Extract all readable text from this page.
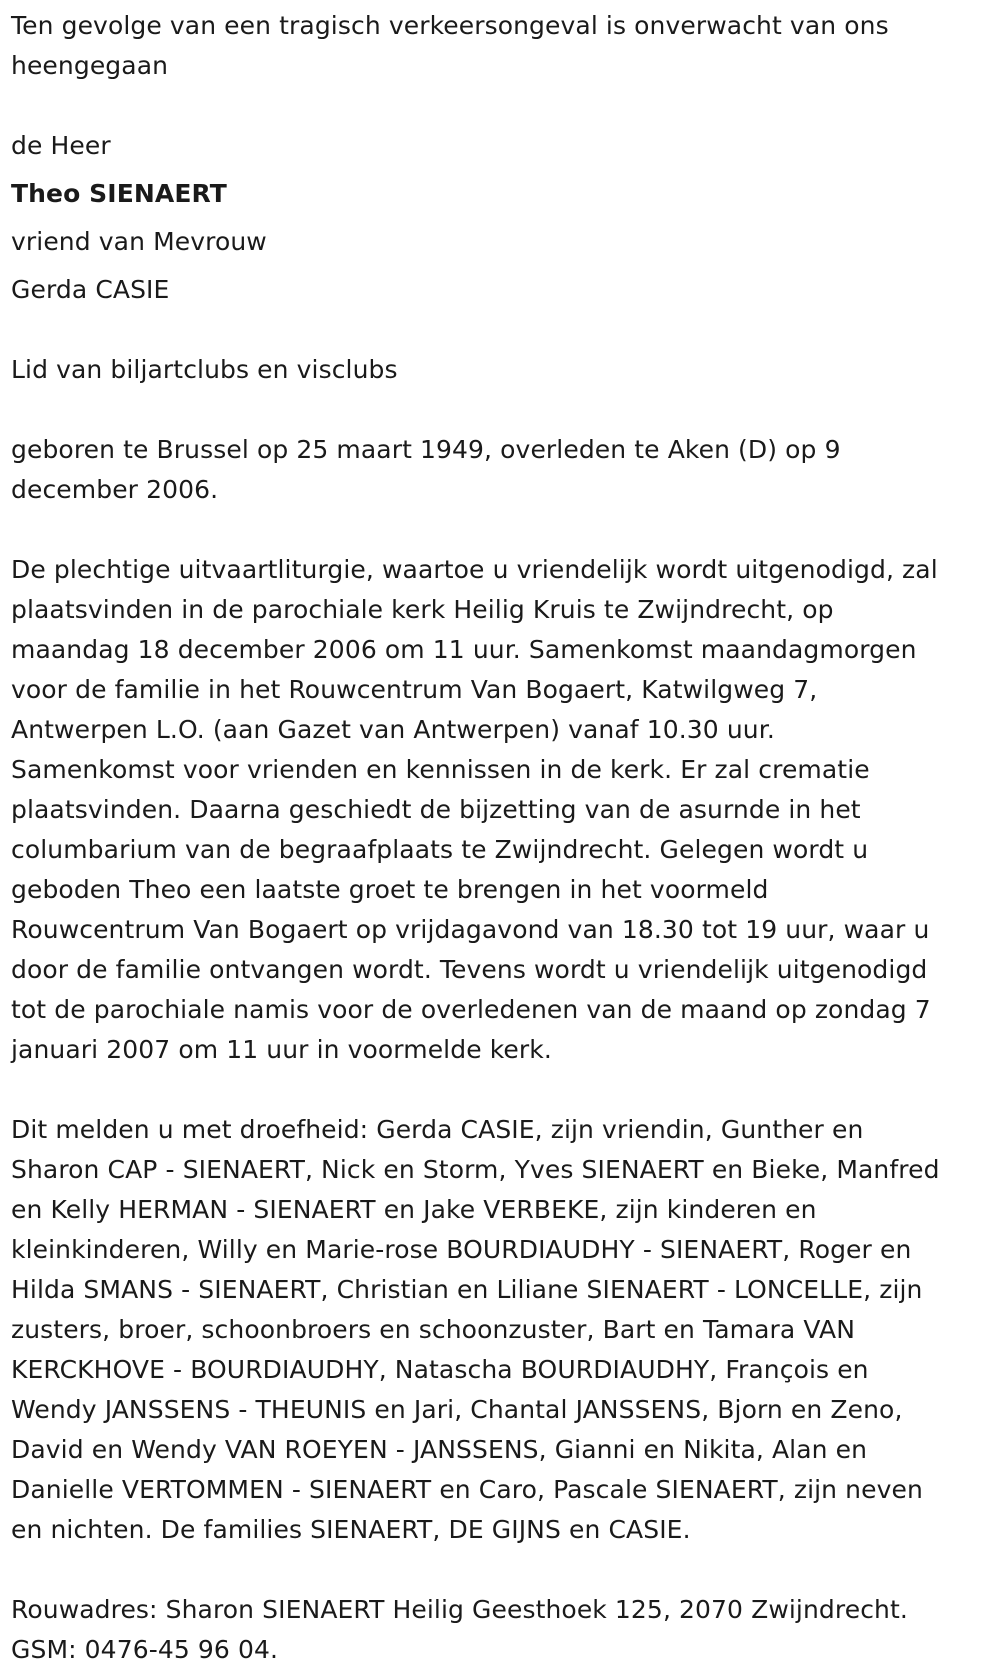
Ten gevolge van een tragisch verkeersongeval is onverwacht van ons
heengegaan
de Heer
Theo SIENAERT
vriend van Mevrouw
Gerda CASIE
Lid van biljartclubs en visclubs
geboren te Brussel op 25 maart 1949, overleden te Aken (D) op 9
december 2006.
De plechtige uitvaartliturgie, waartoe u vriendelijk wordt uitgenodigd, zal
plaatsvinden in de parochiale kerk Heilig Kruis te Zwijndrecht, op
maandag 18 december 2006 om 11 uur. Samenkomst maandagmorgen
voor de familie in het Rouwcentrum Van Bogaert, Katwilgweg 7,
Antwerpen L.O. (aan Gazet van Antwerpen) vanaf 10.30 uur.
Samenkomst voor vrienden en kennissen in de kerk. Er zal crematie
plaatsvinden. Daarna geschiedt de bijzetting van de asurnde in het
columbarium van de begraafplaats te Zwijndrecht. Gelegen wordt u
geboden Theo een laatste groet te brengen in het voormeld
Rouwcentrum Van Bogaert op vrijdagavond van 18.30 tot 19 uur, waar u
door de familie ontvangen wordt. Tevens wordt u vriendelijk uitgenodigd
tot de parochiale namis voor de overledenen van de maand op zondag 7
januari 2007 om 11 uur in voormelde kerk.
Dit melden u met droefheid: Gerda CASIE, zijn vriendin, Gunther en
Sharon CAP - SIENAERT, Nick en Storm, Yves SIENAERT en Bieke, Manfred
en Kelly HERMAN - SIENAERT en Jake VERBEKE, zijn kinderen en
kleinkinderen, Willy en Marie-rose BOURDIAUDHY - SIENAERT, Roger en
Hilda SMANS - SIENAERT, Christian en Liliane SIENAERT - LONCELLE, zijn
zusters, broer, schoonbroers en schoonzuster, Bart en Tamara VAN
KERCKHOVE - BOURDIAUDHY, Natascha BOURDIAUDHY, François en
Wendy JANSSENS - THEUNIS en Jari, Chantal JANSSENS, Bjorn en Zeno,
David en Wendy VAN ROEYEN - JANSSENS, Gianni en Nikita, Alan en
Danielle VERTOMMEN - SIENAERT en Caro, Pascale SIENAERT, zijn neven
en nichten. De families SIENAERT, DE GIJNS en CASIE.
Rouwadres: Sharon SIENAERT Heilig Geesthoek 125, 2070 Zwijndrecht.
GSM: 0476-45 96 04.
